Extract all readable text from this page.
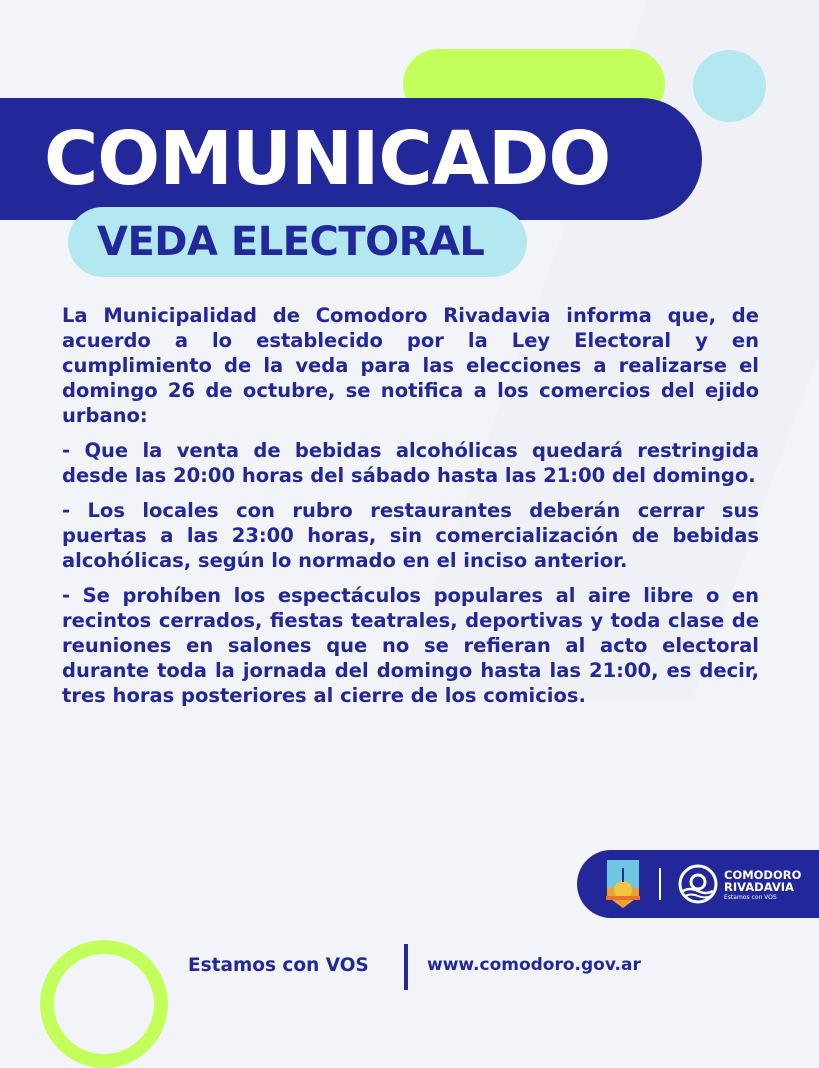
COMUNICADO
VEDA ELECTORAL

La Municipalidad de Comodoro Rivadavia informa que, de acuerdo a lo establecido por la Ley Electoral y en cumplimiento de la veda para las elecciones a realizarse el domingo 26 de octubre, se notifica a los comercios del ejido urbano:

- Que la venta de bebidas alcohólicas quedará restringida desde las 20:00 horas del sábado hasta las 21:00 del domingo.

- Los locales con rubro restaurantes deberán cerrar sus puertas a las 23:00 horas, sin comercialización de bebidas alcohólicas, según lo normado en el inciso anterior.

- Se prohíben los espectáculos populares al aire libre o en recintos cerrados, fiestas teatrales, deportivas y toda clase de reuniones en salones que no se refieran al acto electoral durante toda la jornada del domingo hasta las 21:00, es decir, tres horas posteriores al cierre de los comicios.

COMODORO
RIVADAVIA
Estamos con VOS
Estamos con VOS	www.comodoro.gov.ar
